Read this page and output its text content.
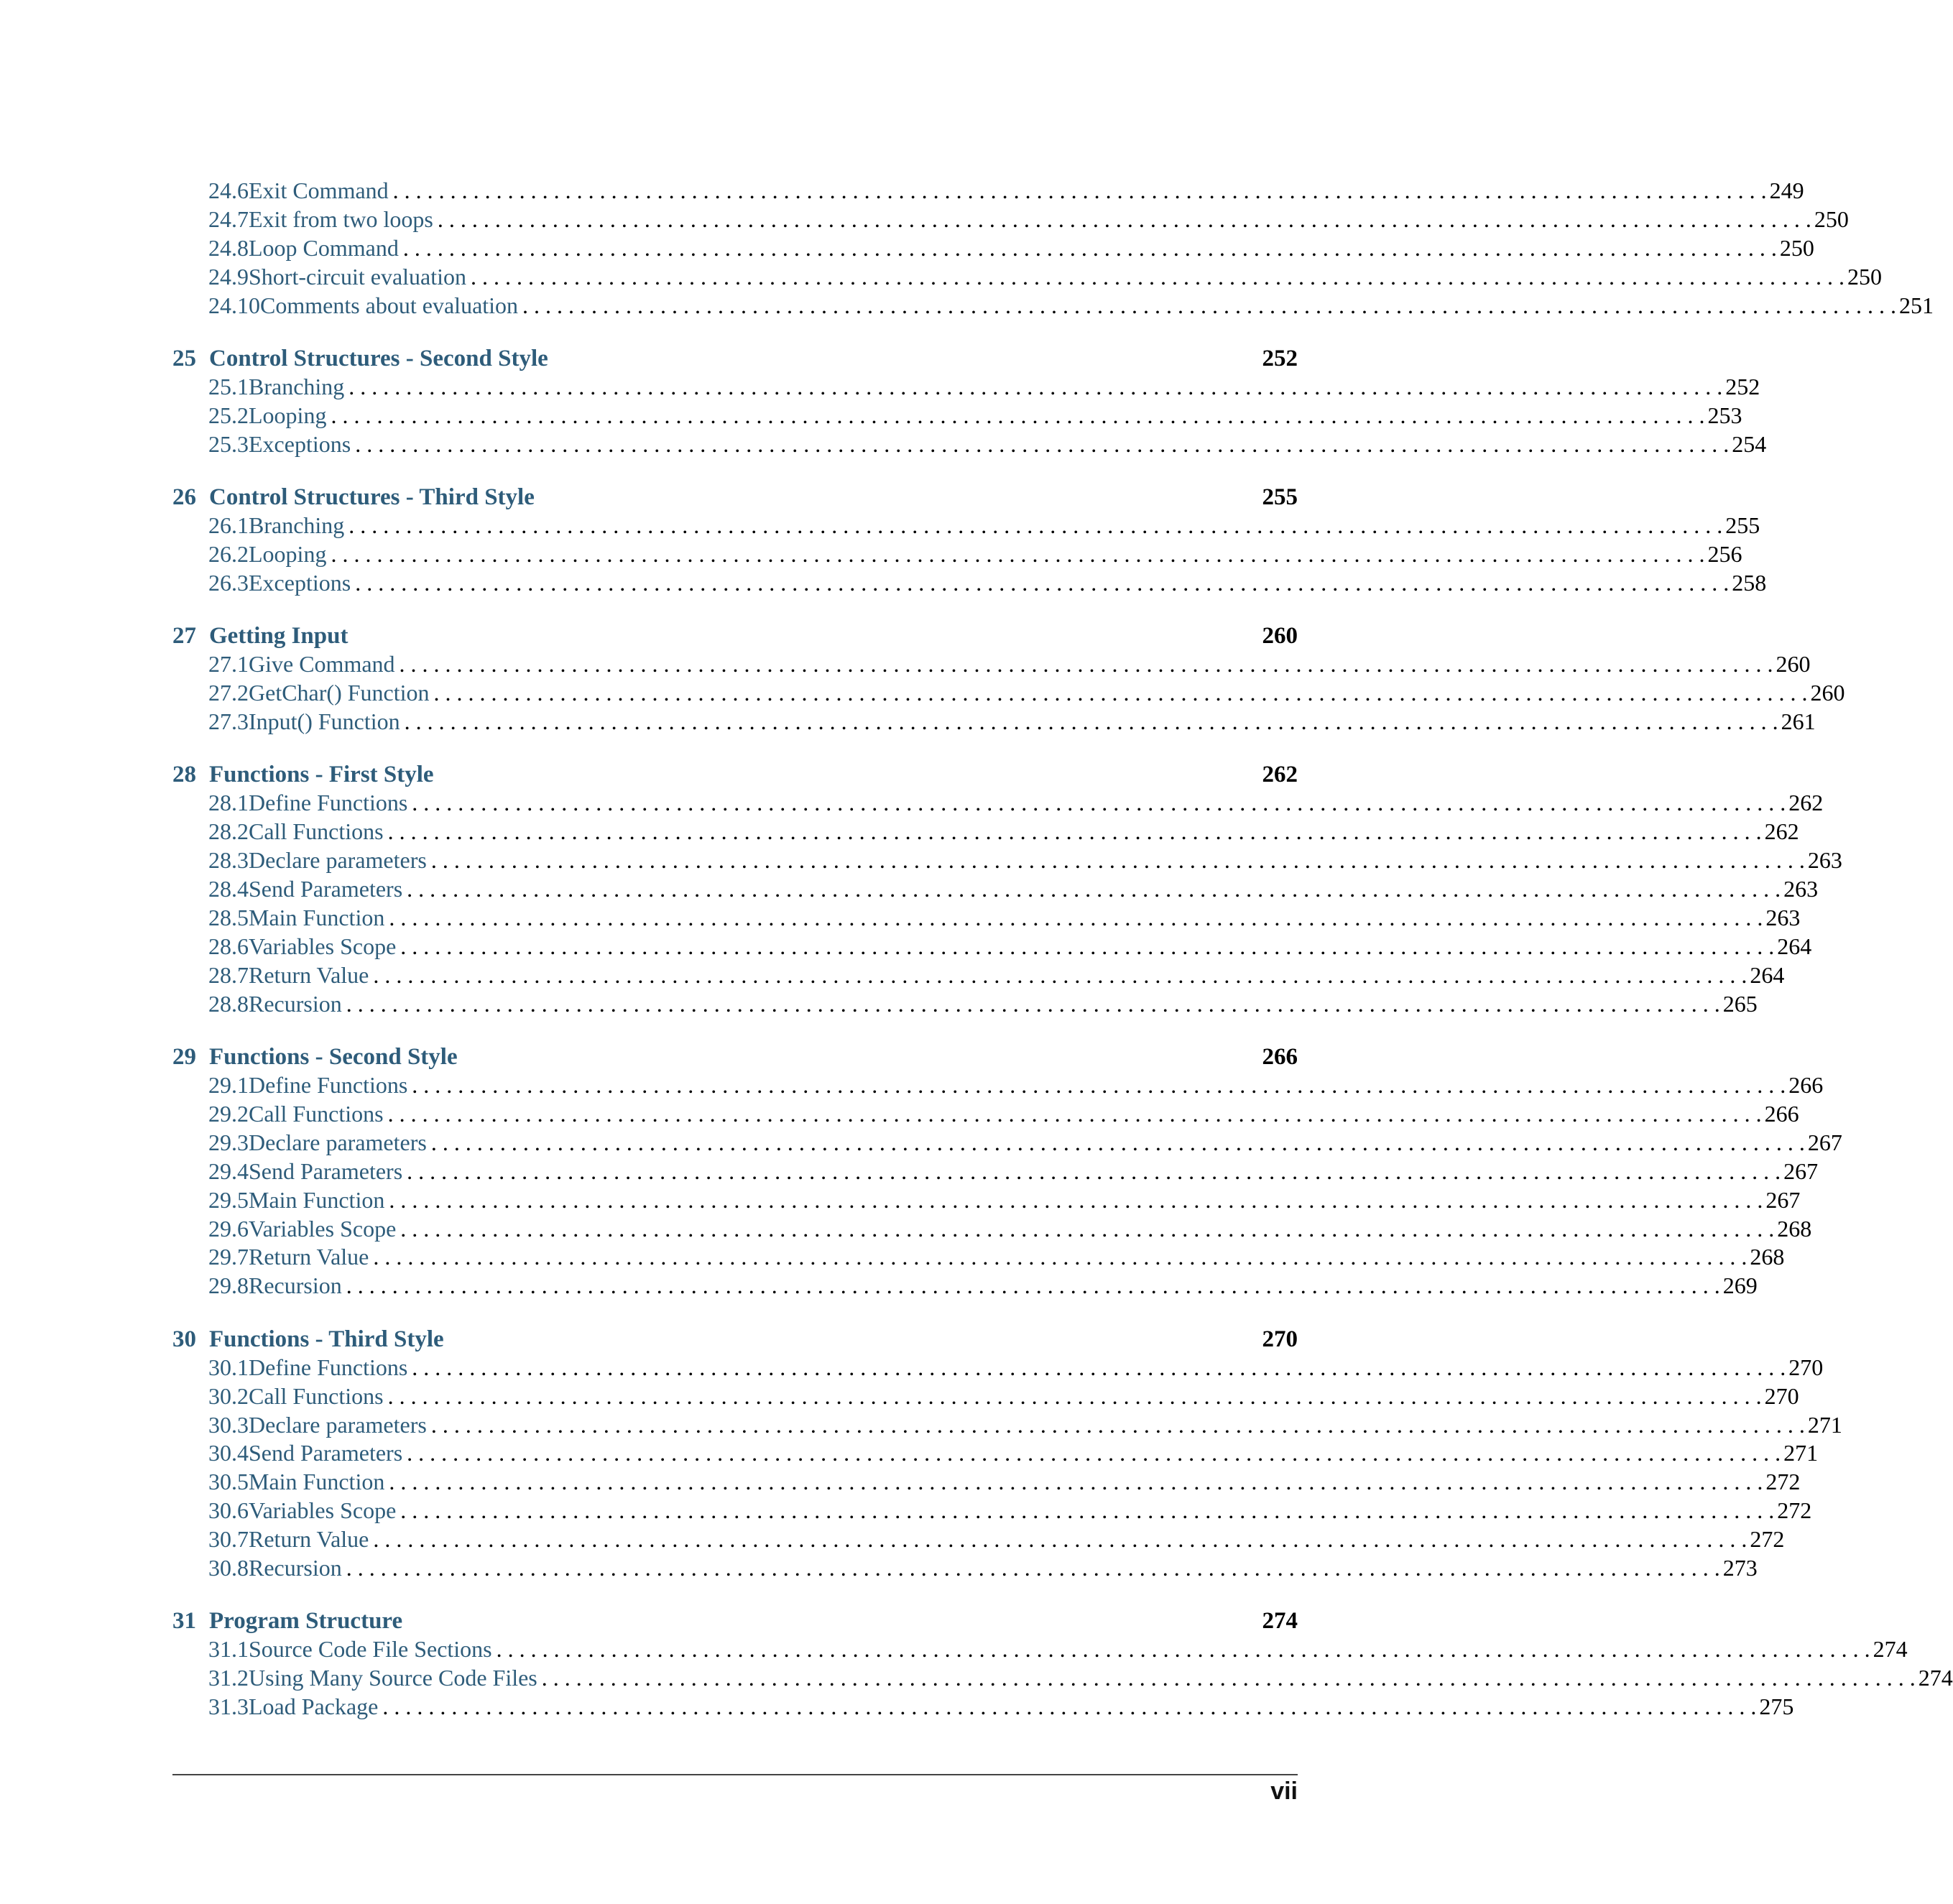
24.6 Exit Command . . . . . . . . . . . . . . . . . . . . . . . . . . . . . . . . . . . . . . . . . . . . . . . . . . . . . . . . . . . . . . . . . . . . . . . . . . . . . . . . . . . . . . . . . . . . . . . . . . . . . . . . . . . . . . . . . . . . . . . . 249
24.7 Exit from two loops . . . . . . . . . . . . . . . . . . . . . . . . . . . . . . . . . . . . . . . . . . . . . . . . . . . . . . . . . . . . . . . . . . . . . . . . . . . . . . . . . . . . . . . . . . . . . . . . . . . . . . . . . . . . . . . . . . . . . . . . 250
24.8 Loop Command . . . . . . . . . . . . . . . . . . . . . . . . . . . . . . . . . . . . . . . . . . . . . . . . . . . . . . . . . . . . . . . . . . . . . . . . . . . . . . . . . . . . . . . . . . . . . . . . . . . . . . . . . . . . . . . . . . . . . . . . 250
24.9 Short-circuit evaluation . . . . . . . . . . . . . . . . . . . . . . . . . . . . . . . . . . . . . . . . . . . . . . . . . . . . . . . . . . . . . . . . . . . . . . . . . . . . . . . . . . . . . . . . . . . . . . . . . . . . . . . . . . . . . . . . . . . . . . . . 250
24.10 Comments about evaluation . . . . . . . . . . . . . . . . . . . . . . . . . . . . . . . . . . . . . . . . . . . . . . . . . . . . . . . . . . . . . . . . . . . . . . . . . . . . . . . . . . . . . . . . . . . . . . . . . . . . . . . . . . . . . . . . . . . . . . . . 251
25 Control Structures - Second Style	252
25.1 Branching . . . . . . . . . . . . . . . . . . . . . . . . . . . . . . . . . . . . . . . . . . . . . . . . . . . . . . . . . . . . . . . . . . . . . . . . . . . . . . . . . . . . . . . . . . . . . . . . . . . . . . . . . . . . . . . . . . . . . . . . 252
25.2 Looping . . . . . . . . . . . . . . . . . . . . . . . . . . . . . . . . . . . . . . . . . . . . . . . . . . . . . . . . . . . . . . . . . . . . . . . . . . . . . . . . . . . . . . . . . . . . . . . . . . . . . . . . . . . . . . . . . . . . . . . . 253
25.3 Exceptions . . . . . . . . . . . . . . . . . . . . . . . . . . . . . . . . . . . . . . . . . . . . . . . . . . . . . . . . . . . . . . . . . . . . . . . . . . . . . . . . . . . . . . . . . . . . . . . . . . . . . . . . . . . . . . . . . . . . . . . . 254
26 Control Structures - Third Style	255
26.1 Branching . . . . . . . . . . . . . . . . . . . . . . . . . . . . . . . . . . . . . . . . . . . . . . . . . . . . . . . . . . . . . . . . . . . . . . . . . . . . . . . . . . . . . . . . . . . . . . . . . . . . . . . . . . . . . . . . . . . . . . . . 255
26.2 Looping . . . . . . . . . . . . . . . . . . . . . . . . . . . . . . . . . . . . . . . . . . . . . . . . . . . . . . . . . . . . . . . . . . . . . . . . . . . . . . . . . . . . . . . . . . . . . . . . . . . . . . . . . . . . . . . . . . . . . . . . 256
26.3 Exceptions . . . . . . . . . . . . . . . . . . . . . . . . . . . . . . . . . . . . . . . . . . . . . . . . . . . . . . . . . . . . . . . . . . . . . . . . . . . . . . . . . . . . . . . . . . . . . . . . . . . . . . . . . . . . . . . . . . . . . . . . 258
27 Getting Input	260
27.1 Give Command . . . . . . . . . . . . . . . . . . . . . . . . . . . . . . . . . . . . . . . . . . . . . . . . . . . . . . . . . . . . . . . . . . . . . . . . . . . . . . . . . . . . . . . . . . . . . . . . . . . . . . . . . . . . . . . . . . . . . . . . 260
27.2 GetChar() Function . . . . . . . . . . . . . . . . . . . . . . . . . . . . . . . . . . . . . . . . . . . . . . . . . . . . . . . . . . . . . . . . . . . . . . . . . . . . . . . . . . . . . . . . . . . . . . . . . . . . . . . . . . . . . . . . . . . . . . . . 260
27.3 Input() Function . . . . . . . . . . . . . . . . . . . . . . . . . . . . . . . . . . . . . . . . . . . . . . . . . . . . . . . . . . . . . . . . . . . . . . . . . . . . . . . . . . . . . . . . . . . . . . . . . . . . . . . . . . . . . . . . . . . . . . . . 261
28 Functions - First Style	262
28.1 Define Functions . . . . . . . . . . . . . . . . . . . . . . . . . . . . . . . . . . . . . . . . . . . . . . . . . . . . . . . . . . . . . . . . . . . . . . . . . . . . . . . . . . . . . . . . . . . . . . . . . . . . . . . . . . . . . . . . . . . . . . . . 262
28.2 Call Functions . . . . . . . . . . . . . . . . . . . . . . . . . . . . . . . . . . . . . . . . . . . . . . . . . . . . . . . . . . . . . . . . . . . . . . . . . . . . . . . . . . . . . . . . . . . . . . . . . . . . . . . . . . . . . . . . . . . . . . . . 262
28.3 Declare parameters . . . . . . . . . . . . . . . . . . . . . . . . . . . . . . . . . . . . . . . . . . . . . . . . . . . . . . . . . . . . . . . . . . . . . . . . . . . . . . . . . . . . . . . . . . . . . . . . . . . . . . . . . . . . . . . . . . . . . . . . 263
28.4 Send Parameters . . . . . . . . . . . . . . . . . . . . . . . . . . . . . . . . . . . . . . . . . . . . . . . . . . . . . . . . . . . . . . . . . . . . . . . . . . . . . . . . . . . . . . . . . . . . . . . . . . . . . . . . . . . . . . . . . . . . . . . . 263
28.5 Main Function . . . . . . . . . . . . . . . . . . . . . . . . . . . . . . . . . . . . . . . . . . . . . . . . . . . . . . . . . . . . . . . . . . . . . . . . . . . . . . . . . . . . . . . . . . . . . . . . . . . . . . . . . . . . . . . . . . . . . . . . 263
28.6 Variables Scope . . . . . . . . . . . . . . . . . . . . . . . . . . . . . . . . . . . . . . . . . . . . . . . . . . . . . . . . . . . . . . . . . . . . . . . . . . . . . . . . . . . . . . . . . . . . . . . . . . . . . . . . . . . . . . . . . . . . . . . . 264
28.7 Return Value . . . . . . . . . . . . . . . . . . . . . . . . . . . . . . . . . . . . . . . . . . . . . . . . . . . . . . . . . . . . . . . . . . . . . . . . . . . . . . . . . . . . . . . . . . . . . . . . . . . . . . . . . . . . . . . . . . . . . . . . 264
28.8 Recursion . . . . . . . . . . . . . . . . . . . . . . . . . . . . . . . . . . . . . . . . . . . . . . . . . . . . . . . . . . . . . . . . . . . . . . . . . . . . . . . . . . . . . . . . . . . . . . . . . . . . . . . . . . . . . . . . . . . . . . . . 265
29 Functions - Second Style	266
29.1 Define Functions . . . . . . . . . . . . . . . . . . . . . . . . . . . . . . . . . . . . . . . . . . . . . . . . . . . . . . . . . . . . . . . . . . . . . . . . . . . . . . . . . . . . . . . . . . . . . . . . . . . . . . . . . . . . . . . . . . . . . . . . 266
29.2 Call Functions . . . . . . . . . . . . . . . . . . . . . . . . . . . . . . . . . . . . . . . . . . . . . . . . . . . . . . . . . . . . . . . . . . . . . . . . . . . . . . . . . . . . . . . . . . . . . . . . . . . . . . . . . . . . . . . . . . . . . . . . 266
29.3 Declare parameters . . . . . . . . . . . . . . . . . . . . . . . . . . . . . . . . . . . . . . . . . . . . . . . . . . . . . . . . . . . . . . . . . . . . . . . . . . . . . . . . . . . . . . . . . . . . . . . . . . . . . . . . . . . . . . . . . . . . . . . . 267
29.4 Send Parameters . . . . . . . . . . . . . . . . . . . . . . . . . . . . . . . . . . . . . . . . . . . . . . . . . . . . . . . . . . . . . . . . . . . . . . . . . . . . . . . . . . . . . . . . . . . . . . . . . . . . . . . . . . . . . . . . . . . . . . . . 267
29.5 Main Function . . . . . . . . . . . . . . . . . . . . . . . . . . . . . . . . . . . . . . . . . . . . . . . . . . . . . . . . . . . . . . . . . . . . . . . . . . . . . . . . . . . . . . . . . . . . . . . . . . . . . . . . . . . . . . . . . . . . . . . . 267
29.6 Variables Scope . . . . . . . . . . . . . . . . . . . . . . . . . . . . . . . . . . . . . . . . . . . . . . . . . . . . . . . . . . . . . . . . . . . . . . . . . . . . . . . . . . . . . . . . . . . . . . . . . . . . . . . . . . . . . . . . . . . . . . . . 268
29.7 Return Value . . . . . . . . . . . . . . . . . . . . . . . . . . . . . . . . . . . . . . . . . . . . . . . . . . . . . . . . . . . . . . . . . . . . . . . . . . . . . . . . . . . . . . . . . . . . . . . . . . . . . . . . . . . . . . . . . . . . . . . . 268
29.8 Recursion . . . . . . . . . . . . . . . . . . . . . . . . . . . . . . . . . . . . . . . . . . . . . . . . . . . . . . . . . . . . . . . . . . . . . . . . . . . . . . . . . . . . . . . . . . . . . . . . . . . . . . . . . . . . . . . . . . . . . . . . 269
30 Functions - Third Style	270
30.1 Define Functions . . . . . . . . . . . . . . . . . . . . . . . . . . . . . . . . . . . . . . . . . . . . . . . . . . . . . . . . . . . . . . . . . . . . . . . . . . . . . . . . . . . . . . . . . . . . . . . . . . . . . . . . . . . . . . . . . . . . . . . . 270
30.2 Call Functions . . . . . . . . . . . . . . . . . . . . . . . . . . . . . . . . . . . . . . . . . . . . . . . . . . . . . . . . . . . . . . . . . . . . . . . . . . . . . . . . . . . . . . . . . . . . . . . . . . . . . . . . . . . . . . . . . . . . . . . . 270
30.3 Declare parameters . . . . . . . . . . . . . . . . . . . . . . . . . . . . . . . . . . . . . . . . . . . . . . . . . . . . . . . . . . . . . . . . . . . . . . . . . . . . . . . . . . . . . . . . . . . . . . . . . . . . . . . . . . . . . . . . . . . . . . . . 271
30.4 Send Parameters . . . . . . . . . . . . . . . . . . . . . . . . . . . . . . . . . . . . . . . . . . . . . . . . . . . . . . . . . . . . . . . . . . . . . . . . . . . . . . . . . . . . . . . . . . . . . . . . . . . . . . . . . . . . . . . . . . . . . . . . 271
30.5 Main Function . . . . . . . . . . . . . . . . . . . . . . . . . . . . . . . . . . . . . . . . . . . . . . . . . . . . . . . . . . . . . . . . . . . . . . . . . . . . . . . . . . . . . . . . . . . . . . . . . . . . . . . . . . . . . . . . . . . . . . . . 272
30.6 Variables Scope . . . . . . . . . . . . . . . . . . . . . . . . . . . . . . . . . . . . . . . . . . . . . . . . . . . . . . . . . . . . . . . . . . . . . . . . . . . . . . . . . . . . . . . . . . . . . . . . . . . . . . . . . . . . . . . . . . . . . . . . 272
30.7 Return Value . . . . . . . . . . . . . . . . . . . . . . . . . . . . . . . . . . . . . . . . . . . . . . . . . . . . . . . . . . . . . . . . . . . . . . . . . . . . . . . . . . . . . . . . . . . . . . . . . . . . . . . . . . . . . . . . . . . . . . . . 272
30.8 Recursion . . . . . . . . . . . . . . . . . . . . . . . . . . . . . . . . . . . . . . . . . . . . . . . . . . . . . . . . . . . . . . . . . . . . . . . . . . . . . . . . . . . . . . . . . . . . . . . . . . . . . . . . . . . . . . . . . . . . . . . . 273
31 Program Structure	274
31.1 Source Code File Sections . . . . . . . . . . . . . . . . . . . . . . . . . . . . . . . . . . . . . . . . . . . . . . . . . . . . . . . . . . . . . . . . . . . . . . . . . . . . . . . . . . . . . . . . . . . . . . . . . . . . . . . . . . . . . . . . . . . . . . . . 274
31.2 Using Many Source Code Files . . . . . . . . . . . . . . . . . . . . . . . . . . . . . . . . . . . . . . . . . . . . . . . . . . . . . . . . . . . . . . . . . . . . . . . . . . . . . . . . . . . . . . . . . . . . . . . . . . . . . . . . . . . . . . . . . . . . . . . . 274
31.3 Load Package . . . . . . . . . . . . . . . . . . . . . . . . . . . . . . . . . . . . . . . . . . . . . . . . . . . . . . . . . . . . . . . . . . . . . . . . . . . . . . . . . . . . . . . . . . . . . . . . . . . . . . . . . . . . . . . . . . . . . . . . 275
vii
